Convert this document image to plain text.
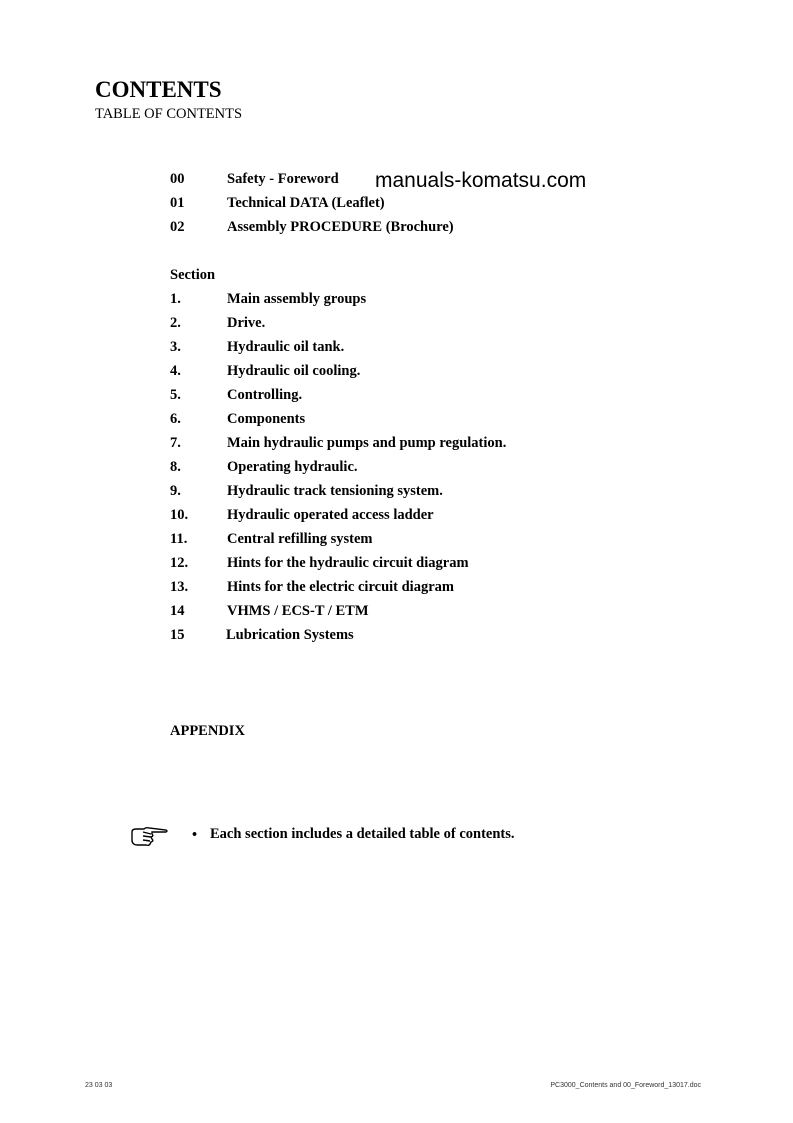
CONTENTS
TABLE OF CONTENTS
manuals-komatsu.com
00	Safety - Foreword
01	Technical DATA (Leaflet)
02	Assembly PROCEDURE (Brochure)
Section
1.	Main assembly groups
2.	Drive.
3.	Hydraulic oil tank.
4.	Hydraulic oil cooling.
5.	Controlling.
6.	Components
7.	Main hydraulic pumps and pump regulation.
8.	Operating hydraulic.
9.	Hydraulic track tensioning system.
10.	Hydraulic operated access ladder
11.	Central refilling system
12.	Hints for the hydraulic circuit diagram
13.	Hints for the electric circuit diagram
14	VHMS / ECS-T / ETM
15	Lubrication Systems
APPENDIX
• Each section includes a detailed table of contents.
23 03 03	PC3000_Contents and 00_Foreword_13017.doc
